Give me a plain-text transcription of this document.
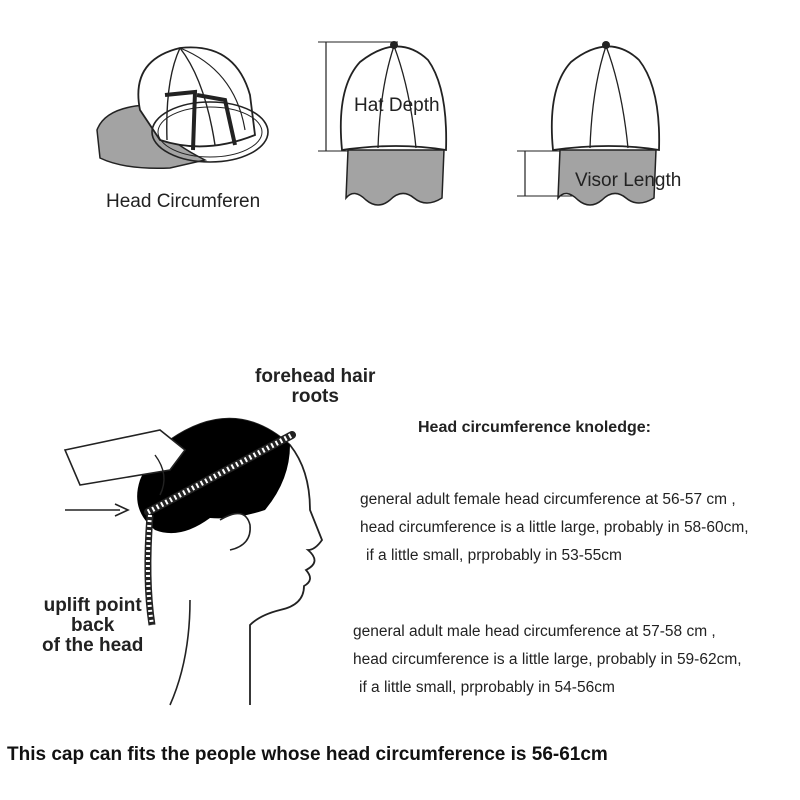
Head Circumferen
Hat Depth
Visor Length
forehead hair
roots
uplift point
back
of the head
Head circumference knoledge:
general adult female head circumference at 56-57 cm ,
head circumference is a little large, probably in 58-60cm,
if a little small, prprobably in 53-55cm
general adult male head circumference at 57-58 cm ,
head circumference is a little large, probably in 59-62cm,
if a little small, prprobably in 54-56cm
This cap can fits the people whose head circumference is 56-61cm
